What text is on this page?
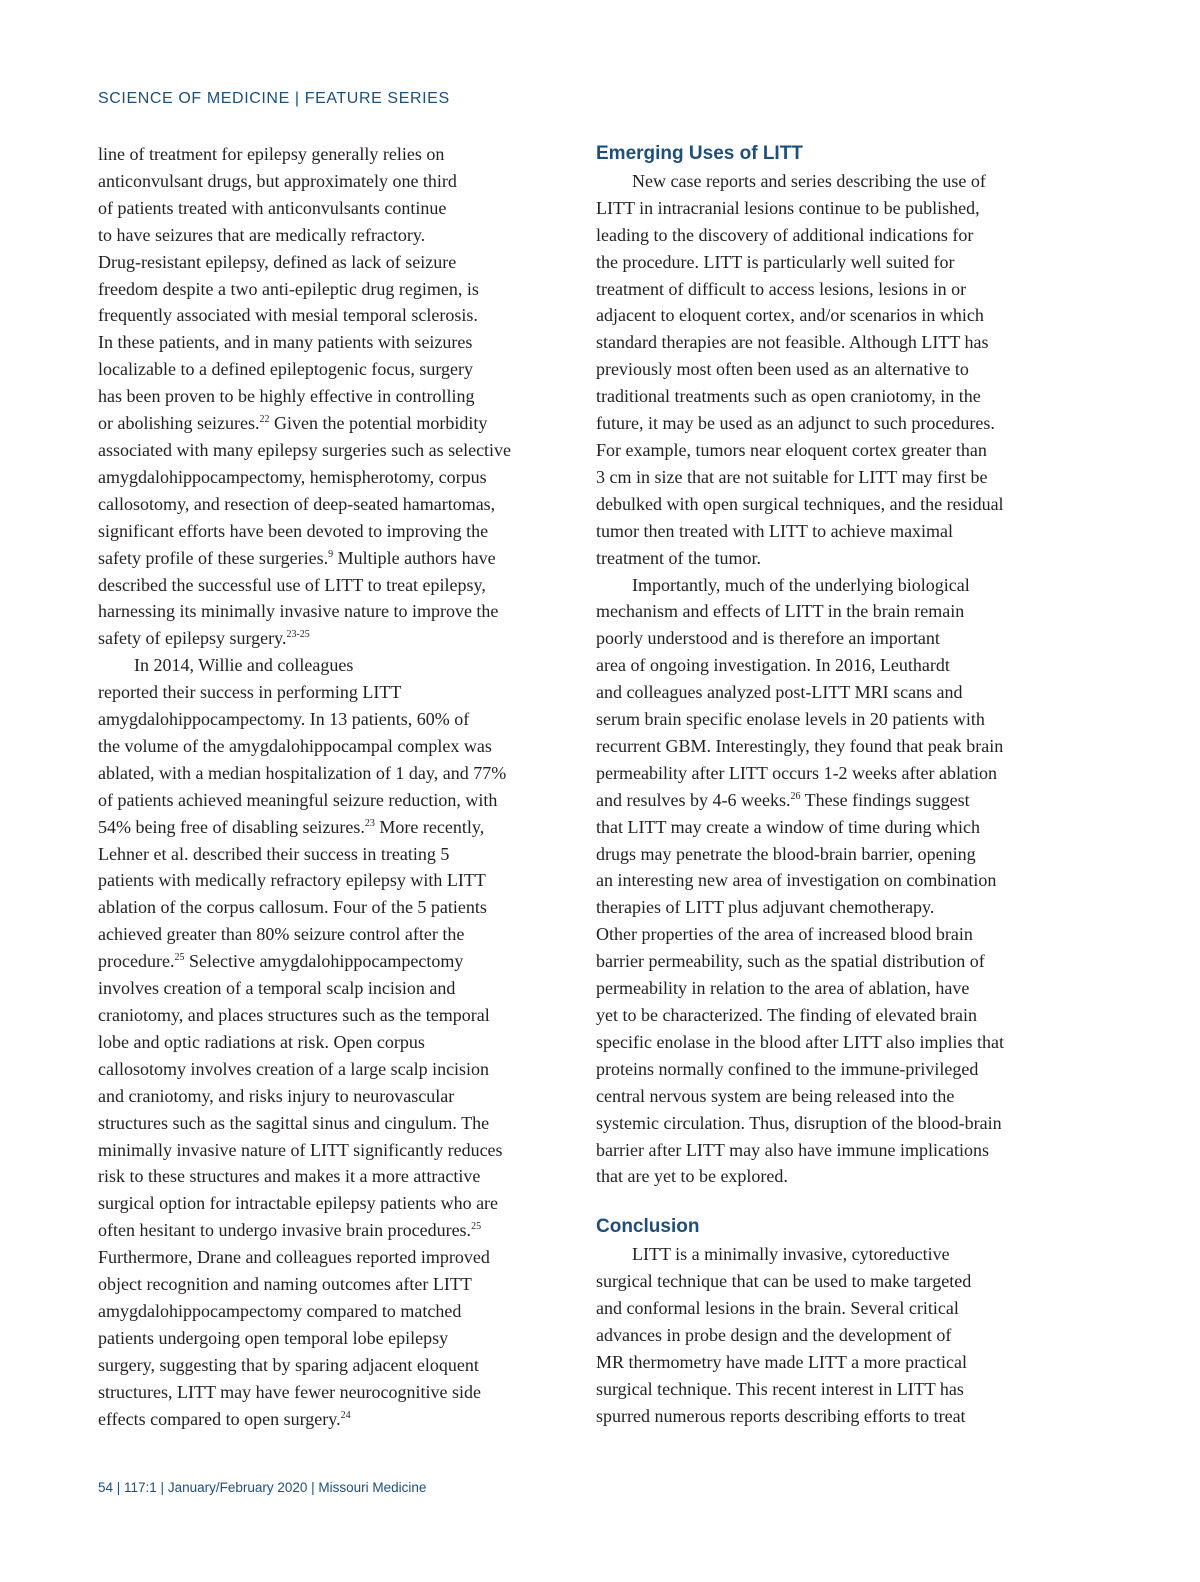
SCIENCE OF MEDICINE | FEATURE SERIES

line of treatment for epilepsy generally relies on

anticonvulsant drugs, but approximately one third

of patients treated with anticonvulsants continue

to have seizures that are medically refractory.

Drug-resistant epilepsy, defined as lack of seizure

freedom despite a two anti-epileptic drug regimen, is

frequently associated with mesial temporal sclerosis.

In these patients, and in many patients with seizures

localizable to a defined epileptogenic focus, surgery

has been proven to be highly effective in controlling

or abolishing seizures.$^{22}$ Given the potential morbidity

associated with many epilepsy surgeries such as selective

amygdalohippocampectomy, hemispherotomy, corpus

callosotomy, and resection of deep-seated hamartomas,

significant efforts have been devoted to improving the

safety profile of these surgeries.$^9$ Multiple authors have

described the successful use of LITT to treat epilepsy,

harnessing its minimally invasive nature to improve the

safety of epilepsy surgery.$^{23-25}$

In 2014, Willie and colleagues

reported their success in performing LITT

amygdalohippocampectomy. In 13 patients, 60% of

the volume of the amygdalohippocampal complex was

ablated, with a median hospitalization of 1 day, and 77%

of patients achieved meaningful seizure reduction, with

54% being free of disabling seizures.$^{23}$ More recently,

Lehner et al. described their success in treating 5

patients with medically refractory epilepsy with LITT

ablation of the corpus callosum. Four of the 5 patients

achieved greater than 80% seizure control after the

procedure.$^{25}$ Selective amygdalohippocampectomy

involves creation of a temporal scalp incision and

craniotomy, and places structures such as the temporal

lobe and optic radiations at risk. Open corpus

callosotomy involves creation of a large scalp incision

and craniotomy, and risks injury to neurovascular

structures such as the sagittal sinus and cingulum. The

minimally invasive nature of LITT significantly reduces

risk to these structures and makes it a more attractive

surgical option for intractable epilepsy patients who are

often hesitant to undergo invasive brain procedures.$^{25}$

Furthermore, Drane and colleagues reported improved

object recognition and naming outcomes after LITT

amygdalohippocampectomy compared to matched

patients undergoing open temporal lobe epilepsy

surgery, suggesting that by sparing adjacent eloquent

structures, LITT may have fewer neurocognitive side

effects compared to open surgery.$^{24}$

Emerging Uses of LITT

New case reports and series describing the use of

LITT in intracranial lesions continue to be published,

leading to the discovery of additional indications for

the procedure. LITT is particularly well suited for

treatment of difficult to access lesions, lesions in or

adjacent to eloquent cortex, and/or scenarios in which

standard therapies are not feasible. Although LITT has

previously most often been used as an alternative to

traditional treatments such as open craniotomy, in the

future, it may be used as an adjunct to such procedures.

For example, tumors near eloquent cortex greater than

3 cm in size that are not suitable for LITT may first be

debulked with open surgical techniques, and the residual

tumor then treated with LITT to achieve maximal

treatment of the tumor.

Importantly, much of the underlying biological

mechanism and effects of LITT in the brain remain

poorly understood and is therefore an important

area of ongoing investigation. In 2016, Leuthardt

and colleagues analyzed post-LITT MRI scans and

serum brain specific enolase levels in 20 patients with

recurrent GBM. Interestingly, they found that peak brain

permeability after LITT occurs 1-2 weeks after ablation

and resulves by 4-6 weeks.$^{26}$ These findings suggest

that LITT may create a window of time during which

drugs may penetrate the blood-brain barrier, opening

an interesting new area of investigation on combination

therapies of LITT plus adjuvant chemotherapy.

Other properties of the area of increased blood brain

barrier permeability, such as the spatial distribution of

permeability in relation to the area of ablation, have

yet to be characterized. The finding of elevated brain

specific enolase in the blood after LITT also implies that

proteins normally confined to the immune-privileged

central nervous system are being released into the

systemic circulation. Thus, disruption of the blood-brain

barrier after LITT may also have immune implications

that are yet to be explored.

Conclusion

LITT is a minimally invasive, cytoreductive

surgical technique that can be used to make targeted

and conformal lesions in the brain. Several critical

advances in probe design and the development of

MR thermometry have made LITT a more practical

surgical technique. This recent interest in LITT has

spurred numerous reports describing efforts to treat

54 | 117:1 | January/February 2020 | Missouri Medicine
